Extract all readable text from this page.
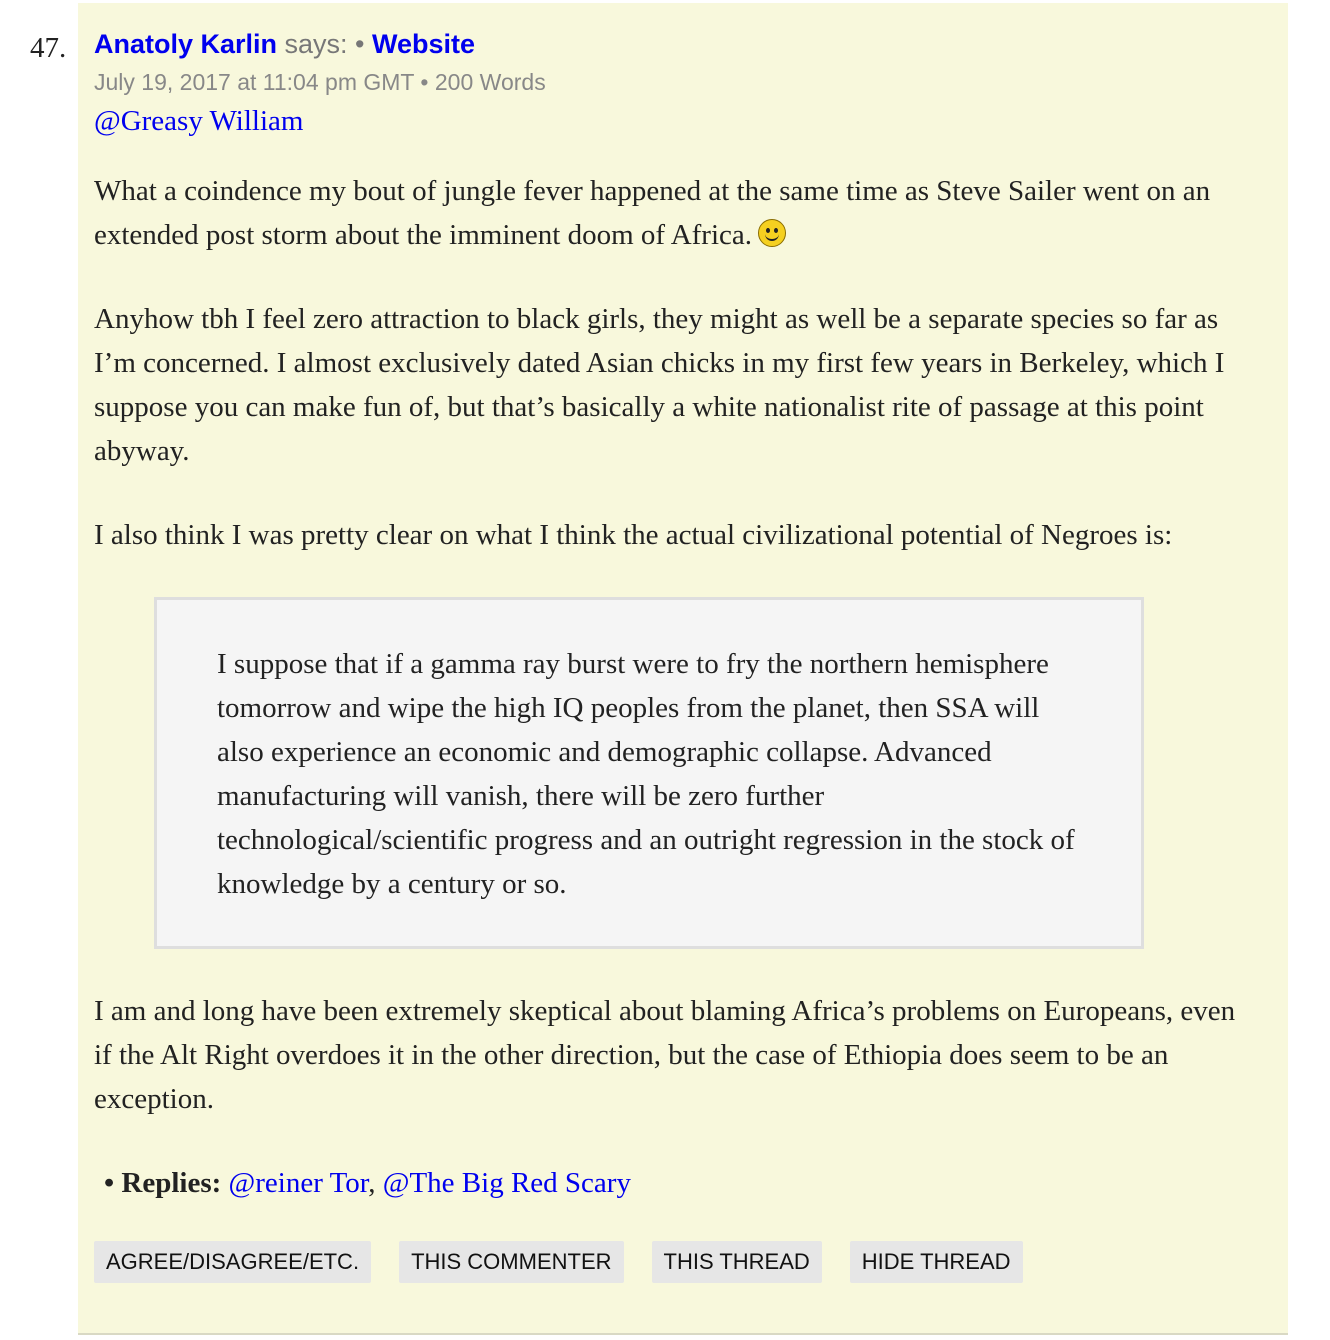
47. Anatoly Karlin says: • Website
July 19, 2017 at 11:04 pm GMT • 200 Words

@Greasy William

What a coindence my bout of jungle fever happened at the same time as Steve Sailer went on an extended post storm about the imminent doom of Africa.

Anyhow tbh I feel zero attraction to black girls, they might as well be a separate species so far as I’m concerned. I almost exclusively dated Asian chicks in my first few years in Berkeley, which I suppose you can make fun of, but that’s basically a white nationalist rite of passage at this point abyway.

I also think I was pretty clear on what I think the actual civilizational potential of Negroes is:

I suppose that if a gamma ray burst were to fry the northern hemisphere tomorrow and wipe the high IQ peoples from the planet, then SSA will also experience an economic and demographic collapse. Advanced manufacturing will vanish, there will be zero further technological/scientific progress and an outright regression in the stock of knowledge by a century or so.

I am and long have been extremely skeptical about blaming Africa’s problems on Europeans, even if the Alt Right overdoes it in the other direction, but the case of Ethiopia does seem to be an exception.

• Replies: @reiner Tor, @The Big Red Scary
AGREE/DISAGREE/ETC.	THIS COMMENTER	THIS THREAD	HIDE THREAD
